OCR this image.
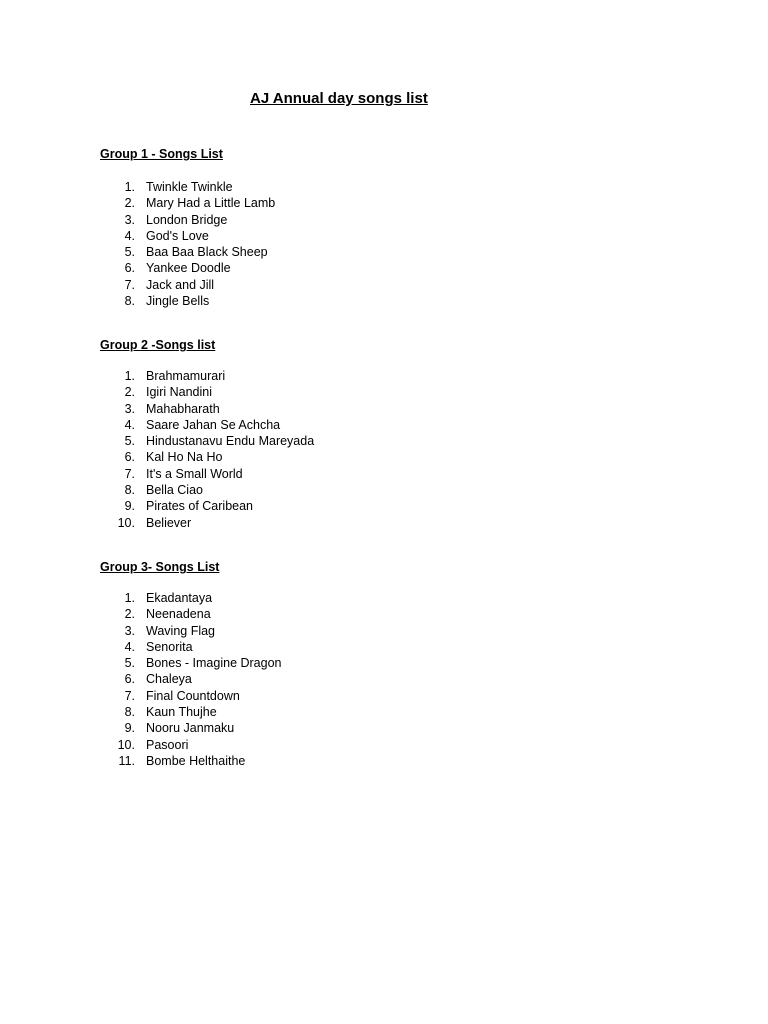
AJ Annual day songs list
Group 1 - Songs List
1. Twinkle Twinkle
2. Mary Had a Little Lamb
3. London Bridge
4. God's Love
5. Baa Baa Black Sheep
6. Yankee Doodle
7. Jack and Jill
8. Jingle Bells
Group 2 -Songs list
1. Brahmamurari
2. Igiri Nandini
3. Mahabharath
4. Saare Jahan Se Achcha
5. Hindustanavu Endu Mareyada
6. Kal Ho Na Ho
7. It's a Small World
8. Bella Ciao
9. Pirates of Caribean
10. Believer
Group 3- Songs List
1. Ekadantaya
2. Neenadena
3. Waving Flag
4. Senorita
5. Bones - Imagine Dragon
6. Chaleya
7. Final Countdown
8. Kaun Thujhe
9. Nooru Janmaku
10. Pasoori
11. Bombe Helthaithe
